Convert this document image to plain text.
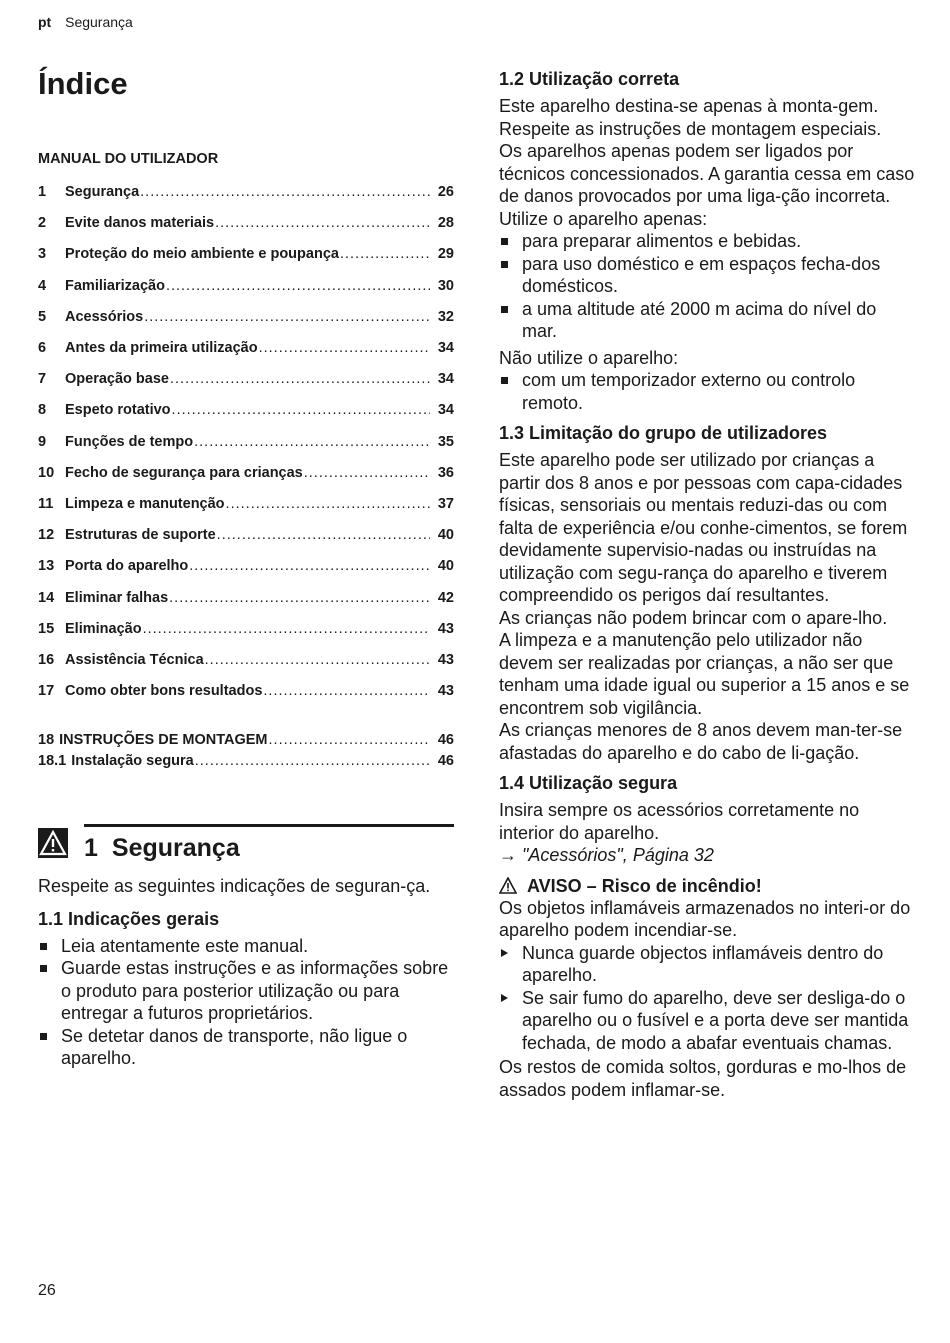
pt Segurança
Índice
MANUAL DO UTILIZADOR
1	Segurança .....	26
2	Evite danos materiais .....	28
3	Proteção do meio ambiente e poupança .....	29
4	Familiarização .....	30
5	Acessórios .....	32
6	Antes da primeira utilização .....	34
7	Operação base .....	34
8	Espeto rotativo .....	34
9	Funções de tempo .....	35
10 Fecho de segurança para crianças .....	36
11 Limpeza e manutenção .....	37
12 Estruturas de suporte .....	40
13 Porta do aparelho .....	40
14 Eliminar falhas .....	42
15 Eliminação .....	43
16 Assistência Técnica .....	43
17 Como obter bons resultados .....	43
18 INSTRUÇÕES DE MONTAGEM .....	46
18.1 Instalação segura .....	46
1 Segurança

Respeite as seguintes indicações de seguran-ça.

1.1 Indicações gerais
Leia atentamente este manual.
Guarde estas instruções e as informações sobre o produto para posterior utilização ou para entregar a futuros proprietários.
Se detetar danos de transporte, não ligue o aparelho.
1.2 Utilização correta

Este aparelho destina-se apenas à monta-gem. Respeite as instruções de montagem especiais.

Os aparelhos apenas podem ser ligados por técnicos concessionados. A garantia cessa em caso de danos provocados por uma liga-ção incorreta.

Utilize o aparelho apenas:

para preparar alimentos e bebidas.
para uso doméstico e em espaços fecha-dos domésticos.
a uma altitude até 2000 m acima do nível do mar.

Não utilize o aparelho:

com um temporizador externo ou controlo remoto.
1.3 Limitação do grupo de utilizadores

Este aparelho pode ser utilizado por crianças a partir dos 8 anos e por pessoas com capa-cidades físicas, sensoriais ou mentais reduzi-das ou com falta de experiência e/ou conhe-cimentos, se forem devidamente supervisio-nadas ou instruídas na utilização com segu-rança do aparelho e tiverem compreendido os perigos daí resultantes.

As crianças não podem brincar com o apare-lho.

A limpeza e a manutenção pelo utilizador não devem ser realizadas por crianças, a não ser que tenham uma idade igual ou superior a 15 anos e se encontrem sob vigilância.

As crianças menores de 8 anos devem man-ter-se afastadas do aparelho e do cabo de li-gação.

1.4 Utilização segura

Insira sempre os acessórios corretamente no interior do aparelho.

→ "Acessórios", Página 32

AVISO – Risco de incêndio!

Os objetos inflamáveis armazenados no interi-or do aparelho podem incendiar-se.

Nunca guarde objectos inflamáveis dentro do aparelho.
Se sair fumo do aparelho, deve ser desliga-do o aparelho ou o fusível e a porta deve ser mantida fechada, de modo a abafar eventuais chamas.

Os restos de comida soltos, gorduras e mo-lhos de assados podem inflamar-se.

26
